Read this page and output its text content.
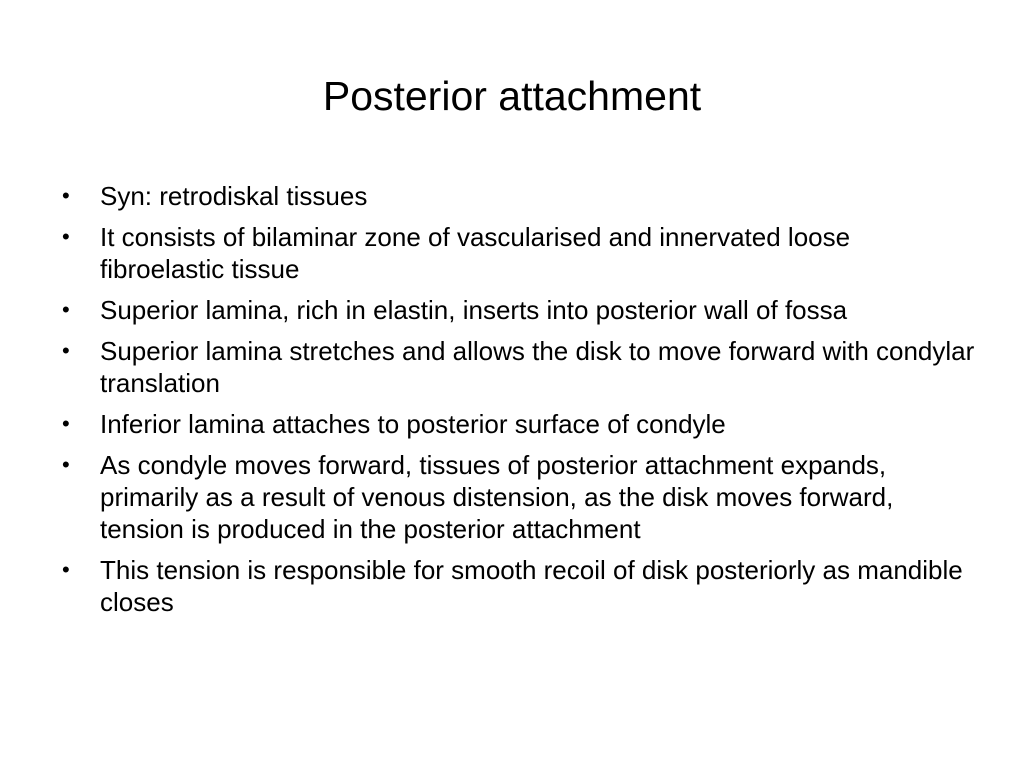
Posterior attachment
• Syn: retrodiskal tissues
• It consists of bilaminar zone of vascularised and innervated loose fibroelastic tissue
• Superior lamina, rich in elastin, inserts into posterior wall of fossa
• Superior lamina stretches and allows the disk to move forward with condylar translation
• Inferior lamina attaches to posterior surface of condyle
• As condyle moves forward, tissues of posterior attachment expands, primarily as a result of venous distension, as the disk moves forward, tension is produced in the posterior attachment
• This tension is responsible for smooth recoil of disk posteriorly as mandible closes
